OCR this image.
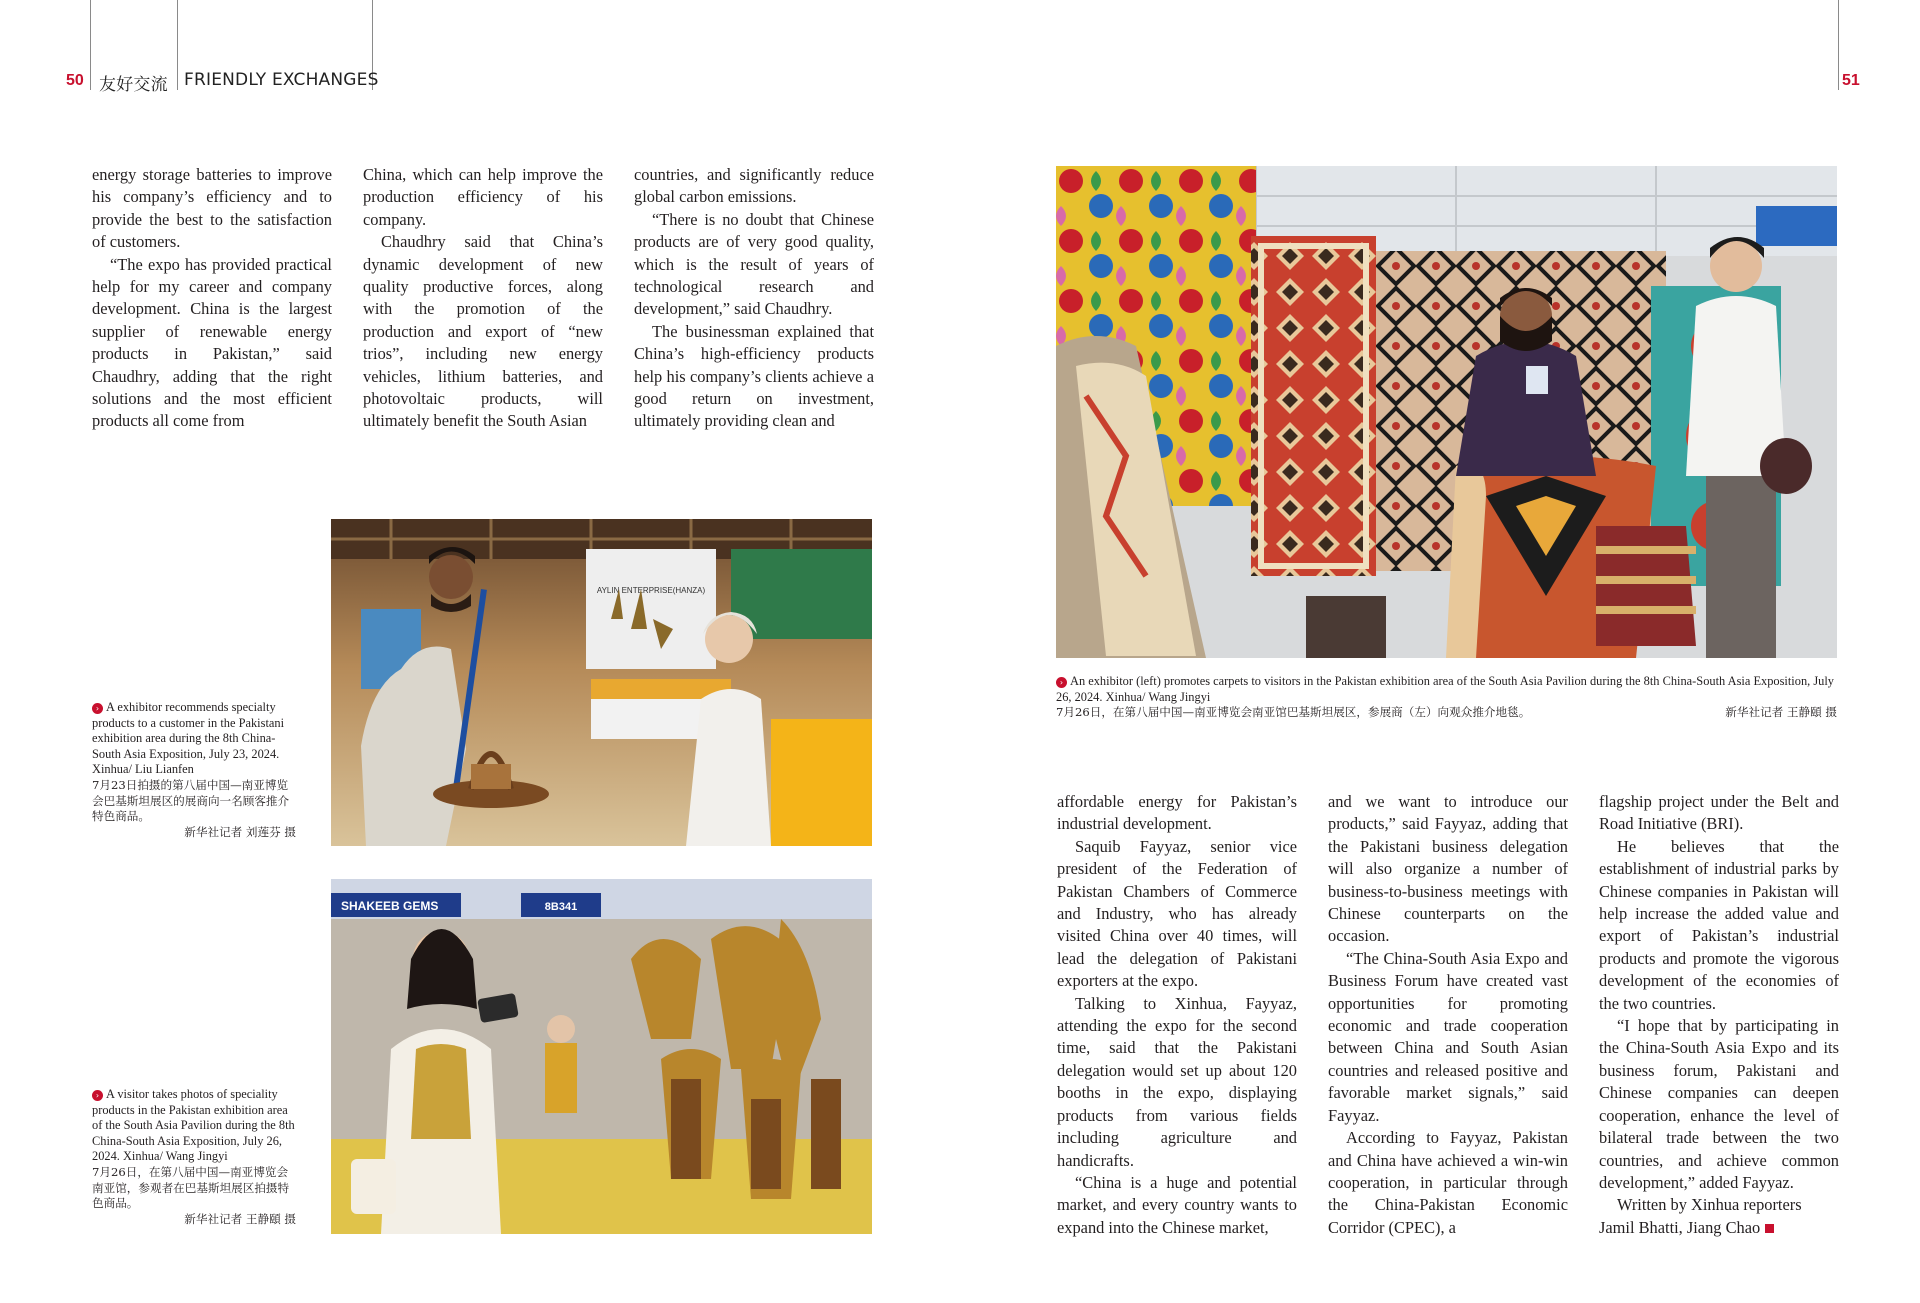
50 友好交流 FRIENDLY EXCHANGES	51

energy storage batteries to improve his company’s efficiency and to provide the best to the satisfaction of customers.

“The expo has provided practical help for my career and company development. China is the largest supplier of renewable energy products in Pakistan,” said Chaudhry, adding that the right solutions and the most efficient products all come from

China, which can help improve the production efficiency of his company.

Chaudhry said that China’s dynamic development of new quality productive forces, along with the promotion of the production and export of “new trios”, including new energy vehicles, lithium batteries, and photovoltaic products, will ultimately benefit the South Asian

countries, and significantly reduce global carbon emissions.

“There is no doubt that Chinese products are of very good quality, which is the result of years of technological research and development,” said Chaudhry.

The businessman explained that China’s high-efficiency products help his company’s clients achieve a good return on investment, ultimately providing clean and

AYLIN ENTERPRISE(HANZA)

› A exhibitor recommends specialty products to a customer in the Pakistani exhibition area during the 8th China-South Asia Exposition, July 23, 2024. Xinhua/ Liu Lianfen

7月23日拍摄的第八届中国—南亚博览会巴基斯坦展区的展商向一名顾客推介特色商品。

新华社记者 刘莲芬 摄

SHAKEEB GEMS	8B341

› A visitor takes photos of speciality products in the Pakistan exhibition area of the South Asia Pavilion during the 8th China-South Asia Exposition, July 26, 2024. Xinhua/ Wang Jingyi

7月26日，在第八届中国—南亚博览会南亚馆，参观者在巴基斯坦展区拍摄特色商品。

新华社记者 王静頤 摄

› An exhibitor (left) promotes carpets to visitors in the Pakistan exhibition area of the South Asia Pavilion during the 8th China-South Asia Exposition, July 26, 2024. Xinhua/ Wang Jingyi

7月26日，在第八届中国—南亚博览会南亚馆巴基斯坦展区，参展商（左）向观众推介地毯。	新华社记者 王静頤 摄

affordable energy for Pakistan’s industrial development.

Saquib Fayyaz, senior vice president of the Federation of Pakistan Chambers of Commerce and Industry, who has already visited China over 40 times, will lead the delegation of Pakistani exporters at the expo.

Talking to Xinhua, Fayyaz, attending the expo for the second time, said that the Pakistani delegation would set up about 120 booths in the expo, displaying products from various fields including agriculture and handicrafts.

“China is a huge and potential market, and every country wants to expand into the Chinese market,

and we want to introduce our products,” said Fayyaz, adding that the Pakistani business delegation will also organize a number of business-to-business meetings with Chinese counterparts on the occasion.

“The China-South Asia Expo and Business Forum have created vast opportunities for promoting economic and trade cooperation between China and South Asian countries and released positive and favorable market signals,” said Fayyaz.

According to Fayyaz, Pakistan and China have achieved a win-win cooperation, in particular through the China-Pakistan Economic Corridor (CPEC), a

flagship project under the Belt and Road Initiative (BRI).

He believes that the establishment of industrial parks by Chinese companies in Pakistan will help increase the added value and export of Pakistan’s industrial products and promote the vigorous development of the economies of the two countries.

“I hope that by participating in the China-South Asia Expo and its business forum, Pakistani and Chinese companies can deepen cooperation, enhance the level of bilateral trade between the two countries, and achieve common development,” added Fayyaz.

Written by Xinhua reporters

Jamil Bhatti, Jiang Chao
